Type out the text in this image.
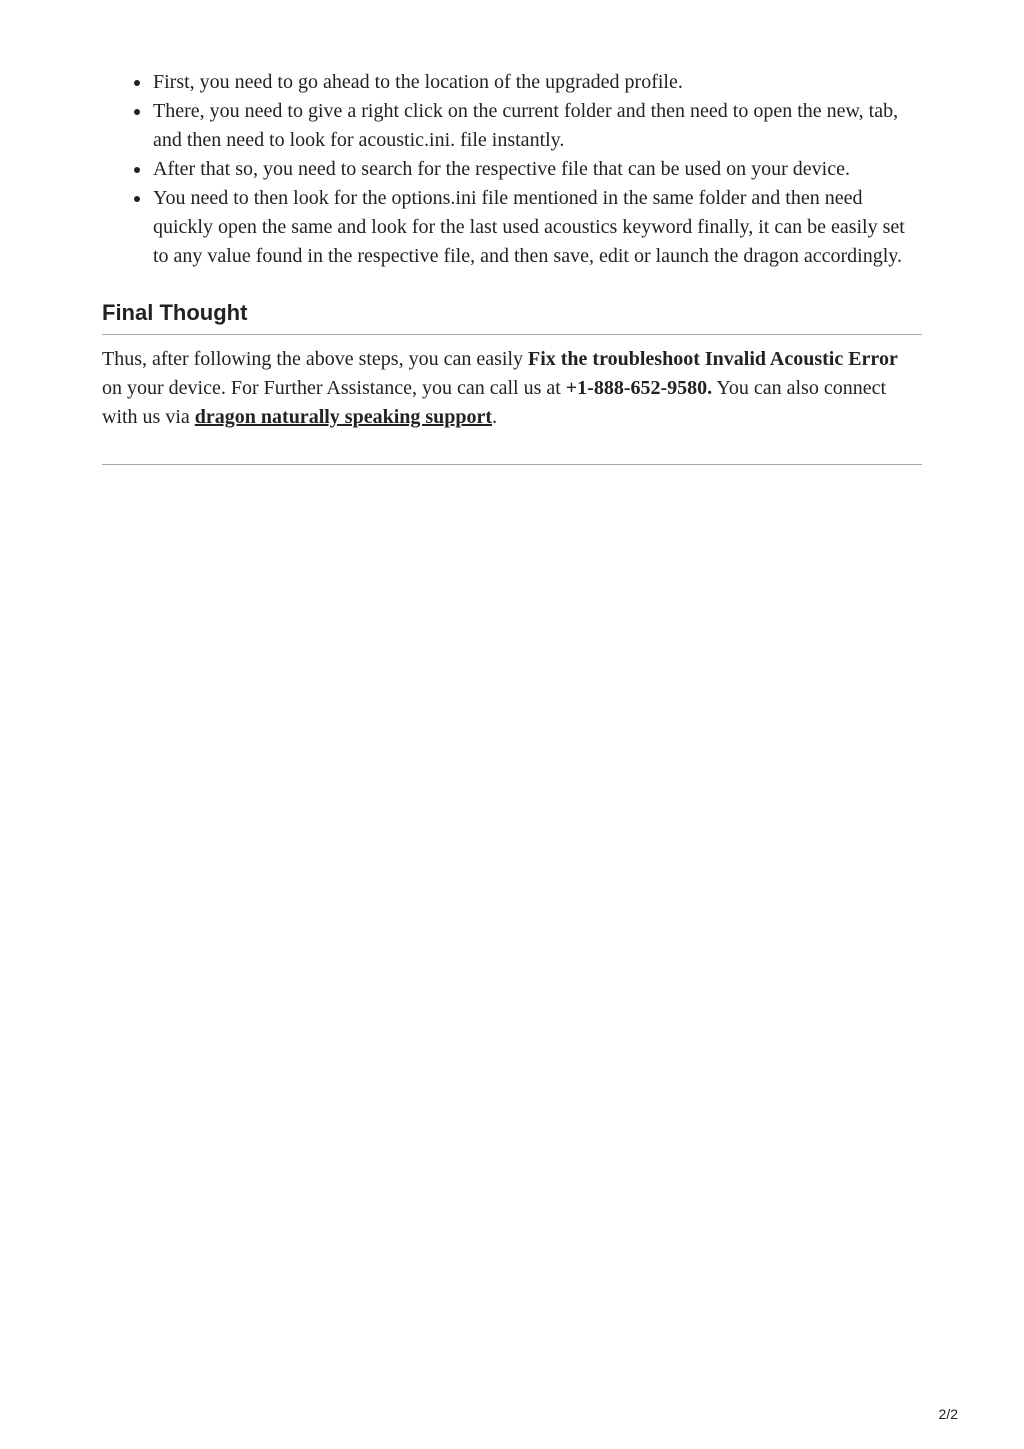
First, you need to go ahead to the location of the upgraded profile.
There, you need to give a right click on the current folder and then need to open the new, tab, and then need to look for acoustic.ini. file instantly.
After that so, you need to search for the respective file that can be used on your device.
You need to then look for the options.ini file mentioned in the same folder and then need quickly open the same and look for the last used acoustics keyword finally, it can be easily set to any value found in the respective file, and then save, edit or launch the dragon accordingly.
Final Thought

Thus, after following the above steps, you can easily Fix the troubleshoot Invalid Acoustic Error on your device. For Further Assistance, you can call us at +1-888-652-9580. You can also connect with us via dragon naturally speaking support.

2/2
